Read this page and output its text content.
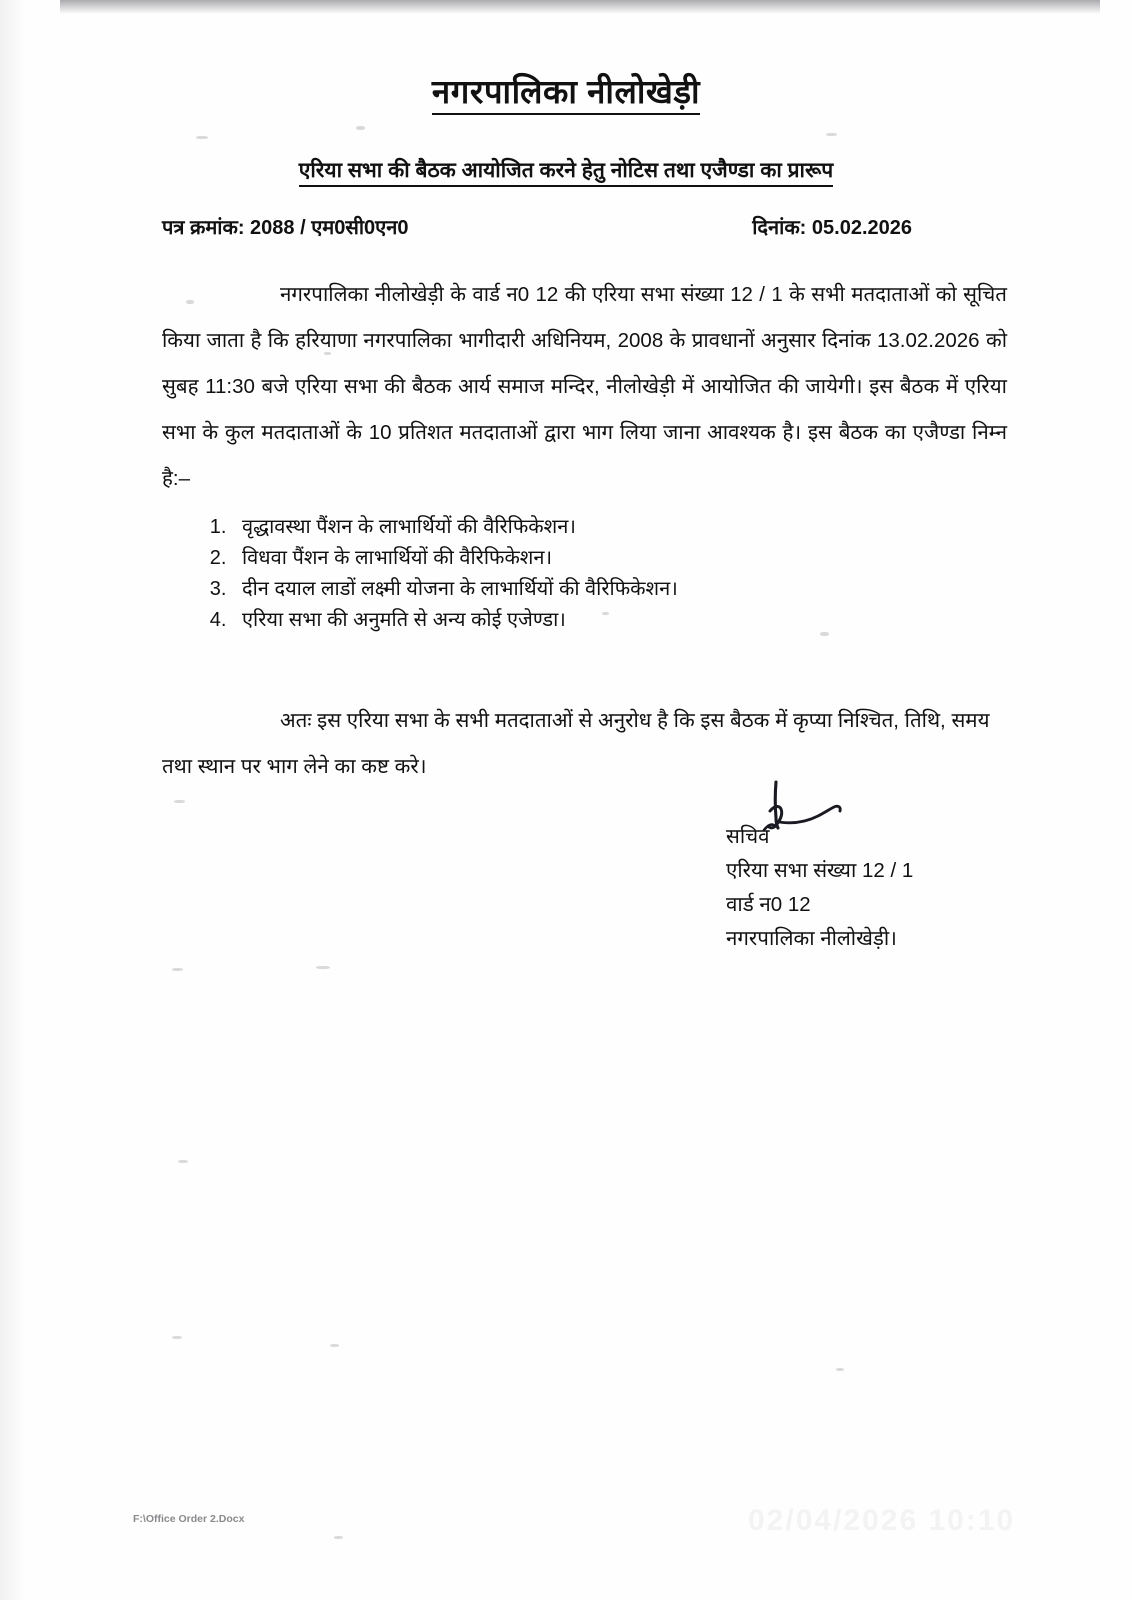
नगरपालिका नीलोखेड़ी
एरिया सभा की बैठक आयोजित करने हेतु नोटिस तथा एजैण्डा का प्रारूप
पत्र क्रमांक: 2088 / एम0सी0एन0	दिनांक: 05.02.2026

नगरपालिका नीलोखेड़ी के वार्ड न0 12 की एरिया सभा संख्या 12 / 1 के सभी मतदाताओं को सूचित किया जाता है कि हरियाणा नगरपालिका भागीदारी अधिनियम, 2008 के प्रावधानों अनुसार दिनांक 13.02.2026 को सुबह 11:30 बजे एरिया सभा की बैठक आर्य समाज मन्दिर, नीलोखेड़ी में आयोजित की जायेगी। इस बैठक में एरिया सभा के कुल मतदाताओं के 10 प्रतिशत मतदाताओं द्वारा भाग लिया जाना आवश्यक है। इस बैठक का एजैण्डा निम्न है:–

1. वृद्धावस्था पैंशन के लाभार्थियों की वैरिफिकेशन।
2. विधवा पैंशन के लाभार्थियों की वैरिफिकेशन।
3. दीन दयाल लाडों लक्ष्मी योजना के लाभार्थियों की वैरिफिकेशन।
4. एरिया सभा की अनुमति से अन्य कोई एजेण्डा।

अतः इस एरिया सभा के सभी मतदाताओं से अनुरोध है कि इस बैठक में कृप्या निश्चित, तिथि, समय तथा स्थान पर भाग लेने का कष्ट करे।

सचिव
एरिया सभा संख्या 12 / 1
वार्ड न0 12
नगरपालिका नीलोखेड़ी।
F:\Office Order 2.Docx	02/04/2026 10:10
